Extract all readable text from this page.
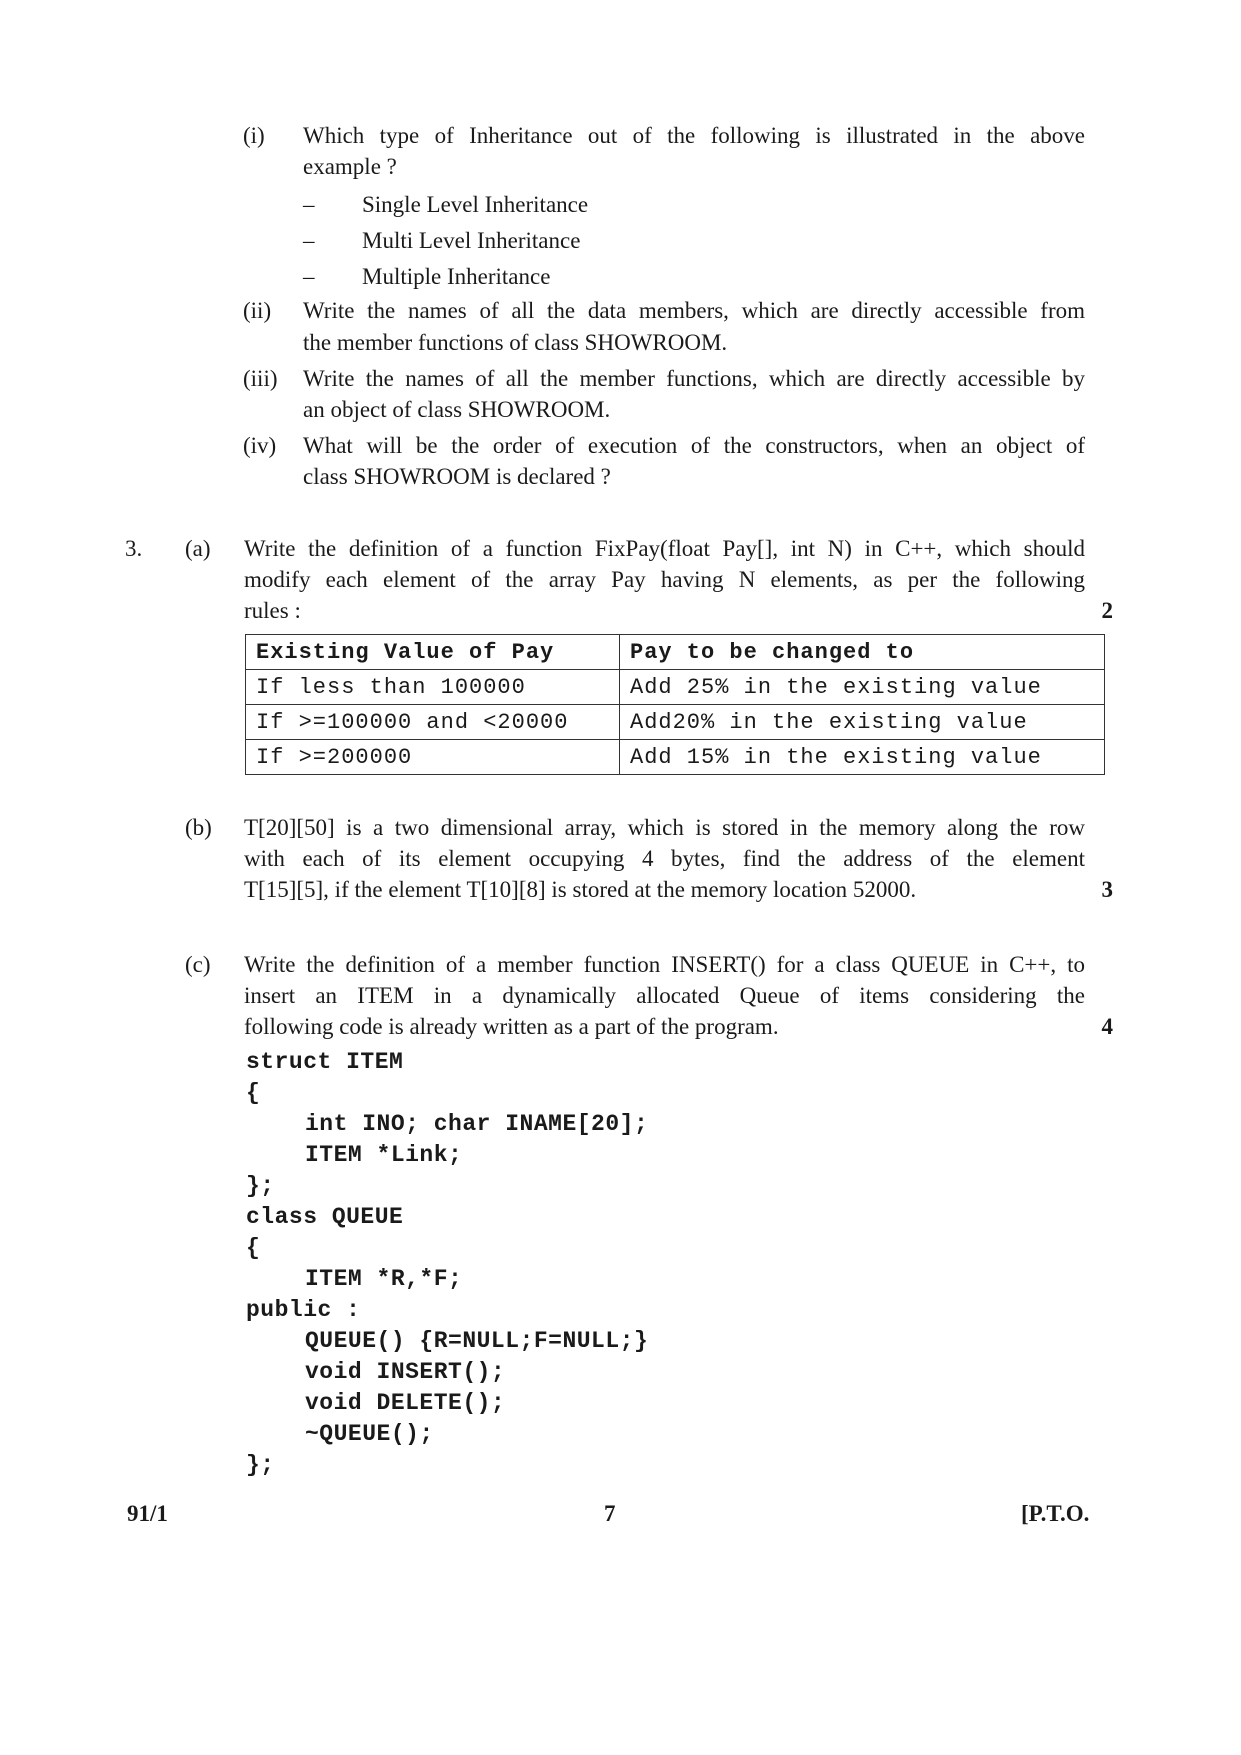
(i) Which type of Inheritance out of the following is illustrated in the above
example ?
– Single Level Inheritance
– Multi Level Inheritance
– Multiple Inheritance
(ii) Write the names of all the data members, which are directly accessible from
the member functions of class SHOWROOM.
(iii) Write the names of all the member functions, which are directly accessible by
an object of class SHOWROOM.
(iv) What will be the order of execution of the constructors, when an object of
class SHOWROOM is declared ?
3. (a) Write the definition of a function FixPay(float Pay[], int N) in C++, which should
modify each element of the array Pay having N elements, as per the following
rules :	2
Existing Value of Pay	Pay to be changed to
If less than 100000	Add 25% in the existing value
If >=100000 and <20000	Add20% in the existing value
If >=200000	Add 15% in the existing value
(b) T[20][50] is a two dimensional array, which is stored in the memory along the row
with each of its element occupying 4 bytes, find the address of the element
T[15][5], if the element T[10][8] is stored at the memory location 52000.	3
(c) Write the definition of a member function INSERT() for a class QUEUE in C++, to
insert an ITEM in a dynamically allocated Queue of items considering the
following code is already written as a part of the program.	4
struct ITEM
{
int INO; char INAME[20];
ITEM *Link;
};
class QUEUE
{
ITEM *R,*F;
public :
QUEUE() {R=NULL;F=NULL;}
void INSERT();
void DELETE();
~QUEUE();
};
91/1	7	[P.T.O.
